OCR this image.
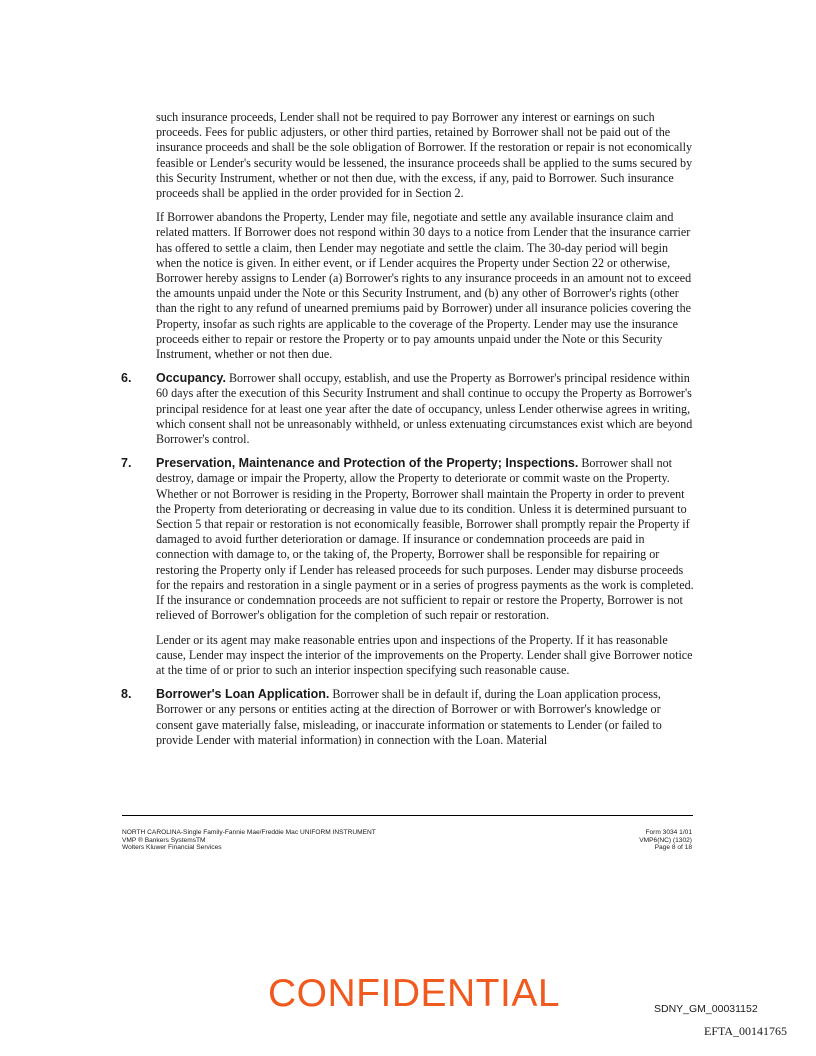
such insurance proceeds, Lender shall not be required to pay Borrower any interest or earnings on such proceeds. Fees for public adjusters, or other third parties, retained by Borrower shall not be paid out of the insurance proceeds and shall be the sole obligation of Borrower. If the restoration or repair is not economically feasible or Lender's security would be lessened, the insurance proceeds shall be applied to the sums secured by this Security Instrument, whether or not then due, with the excess, if any, paid to Borrower. Such insurance proceeds shall be applied in the order provided for in Section 2.

If Borrower abandons the Property, Lender may file, negotiate and settle any available insurance claim and related matters. If Borrower does not respond within 30 days to a notice from Lender that the insurance carrier has offered to settle a claim, then Lender may negotiate and settle the claim. The 30-day period will begin when the notice is given. In either event, or if Lender acquires the Property under Section 22 or otherwise, Borrower hereby assigns to Lender (a) Borrower's rights to any insurance proceeds in an amount not to exceed the amounts unpaid under the Note or this Security Instrument, and (b) any other of Borrower's rights (other than the right to any refund of unearned premiums paid by Borrower) under all insurance policies covering the Property, insofar as such rights are applicable to the coverage of the Property. Lender may use the insurance proceeds either to repair or restore the Property or to pay amounts unpaid under the Note or this Security Instrument, whether or not then due.

6. Occupancy. Borrower shall occupy, establish, and use the Property as Borrower's principal residence within 60 days after the execution of this Security Instrument and shall continue to occupy the Property as Borrower's principal residence for at least one year after the date of occupancy, unless Lender otherwise agrees in writing, which consent shall not be unreasonably withheld, or unless extenuating circumstances exist which are beyond Borrower's control.
7. Preservation, Maintenance and Protection of the Property; Inspections. Borrower shall not destroy, damage or impair the Property, allow the Property to deteriorate or commit waste on the Property. Whether or not Borrower is residing in the Property, Borrower shall maintain the Property in order to prevent the Property from deteriorating or decreasing in value due to its condition. Unless it is determined pursuant to Section 5 that repair or restoration is not economically feasible, Borrower shall promptly repair the Property if damaged to avoid further deterioration or damage. If insurance or condemnation proceeds are paid in connection with damage to, or the taking of, the Property, Borrower shall be responsible for repairing or restoring the Property only if Lender has released proceeds for such purposes. Lender may disburse proceeds for the repairs and restoration in a single payment or in a series of progress payments as the work is completed. If the insurance or condemnation proceeds are not sufficient to repair or restore the Property, Borrower is not relieved of Borrower's obligation for the completion of such repair or restoration.

Lender or its agent may make reasonable entries upon and inspections of the Property. If it has reasonable cause, Lender may inspect the interior of the improvements on the Property. Lender shall give Borrower notice at the time of or prior to such an interior inspection specifying such reasonable cause.

8. Borrower's Loan Application. Borrower shall be in default if, during the Loan application process, Borrower or any persons or entities acting at the direction of Borrower or with Borrower's knowledge or consent gave materially false, misleading, or inaccurate information or statements to Lender (or failed to provide Lender with material information) in connection with the Loan. Material
NORTH CAROLINA-Single Family-Fannie Mae/Freddie Mac UNIFORM INSTRUMENT
VMP ® Bankers SystemsTM
Wolters Kluwer Financial Services
Form 3034 1/01
VMP6(NC) (1302)
Page 8 of 18
CONFIDENTIAL	SDNY_GM_00031152
EFTA_00141765
